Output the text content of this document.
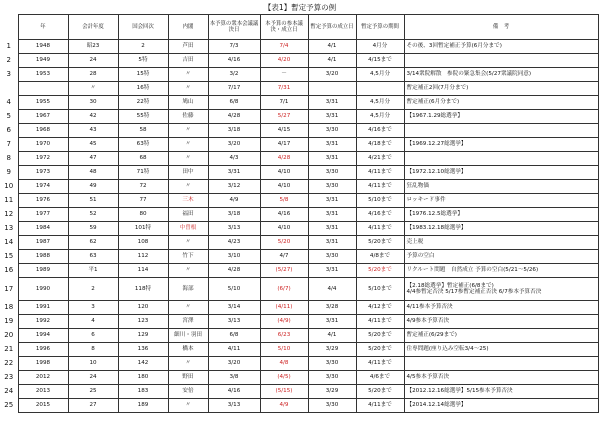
【表1】暫定予算の例
	年	会計年度	国会回次	内閣	本予算の衆本会議議決日	本予算の参本議決・成立日	暫定予算の成立日	暫定予算の期間	備　考
1	1948	昭23	2	芦田	7/3	7/4	4/1	4月分	その後、3回暫定補正予算(6月分まで)
2	1949	24	5特	吉田	4/16	4/20	4/1	4/15まで	
3	1953	28	15特	〃	3/2	－	3/20	4,5月分	3/14衆院解散　参院の緊急集会(5/27衆議院同意)
		〃	16特	〃	7/17	7/31			暫定補正2回(7月分まで)
4	1955	30	22特	鳩山	6/8	7/1	3/31	4,5月分	暫定補正(6月分まで)
5	1967	42	55特	佐藤	4/28	5/27	3/31	4,5月分	【1967.1.29総選挙】
6	1968	43	58	〃	3/18	4/15	3/30	4/16まで	
7	1970	45	63特	〃	3/20	4/17	3/31	4/18まで	【1969.12.27総選挙】
8	1972	47	68	〃	4/3	4/28	3/31	4/21まで	
9	1973	48	71特	田中	3/31	4/10	3/30	4/11まで	【1972.12.10総選挙】
10	1974	49	72	〃	3/12	4/10	3/30	4/11まで	狂乱物価
11	1976	51	77	三木	4/9	5/8	3/31	5/10まで	ロッキード事件
12	1977	52	80	福田	3/18	4/16	3/31	4/16まで	【1976.12.5総選挙】
13	1984	59	101特	中曽根	3/13	4/10	3/31	4/11まで	【1983.12.18総選挙】
14	1987	62	108	〃	4/23	5/20	3/31	5/20まで	売上税
15	1988	63	112	竹下	3/10	4/7	3/30	4/8まで	予算の空白
16	1989	平1	114	〃	4/28	(5/27)	3/31	5/20まで	リクルート問題　自然成立 予算の空白(5/21～5/26)
17	1990	2	118特	海部	5/10	(6/7)	4/4	5/10まで	【2.18総選挙】暫定補正(6/8まで)
4/4参暫定否決 5/17参暫定補正否決 6/7参本予算否決
18	1991	3	120	〃	3/14	(4/11)	3/28	4/12まで	4/11参本予算否決
19	1992	4	123	宮澤	3/13	(4/9)	3/31	4/11まで	4/9参本予算否決
20	1994	6	129	細川・羽田	6/8	6/23	4/1	5/20まで	暫定補正(6/29まで)
21	1996	8	136	橋本	4/11	5/10	3/29	5/20まで	住専問題(座り込み空転3/4～25)
22	1998	10	142	〃	3/20	4/8	3/30	4/11まで	
23	2012	24	180	野田	3/8	(4/5)	3/30	4/6まで	4/5参本予算否決
24	2013	25	183	安倍	4/16	(5/15)	3/29	5/20まで	【2012.12.16総選挙】5/15参本予算否決
25	2015	27	189	〃	3/13	4/9	3/30	4/11まで	【2014.12.14総選挙】
